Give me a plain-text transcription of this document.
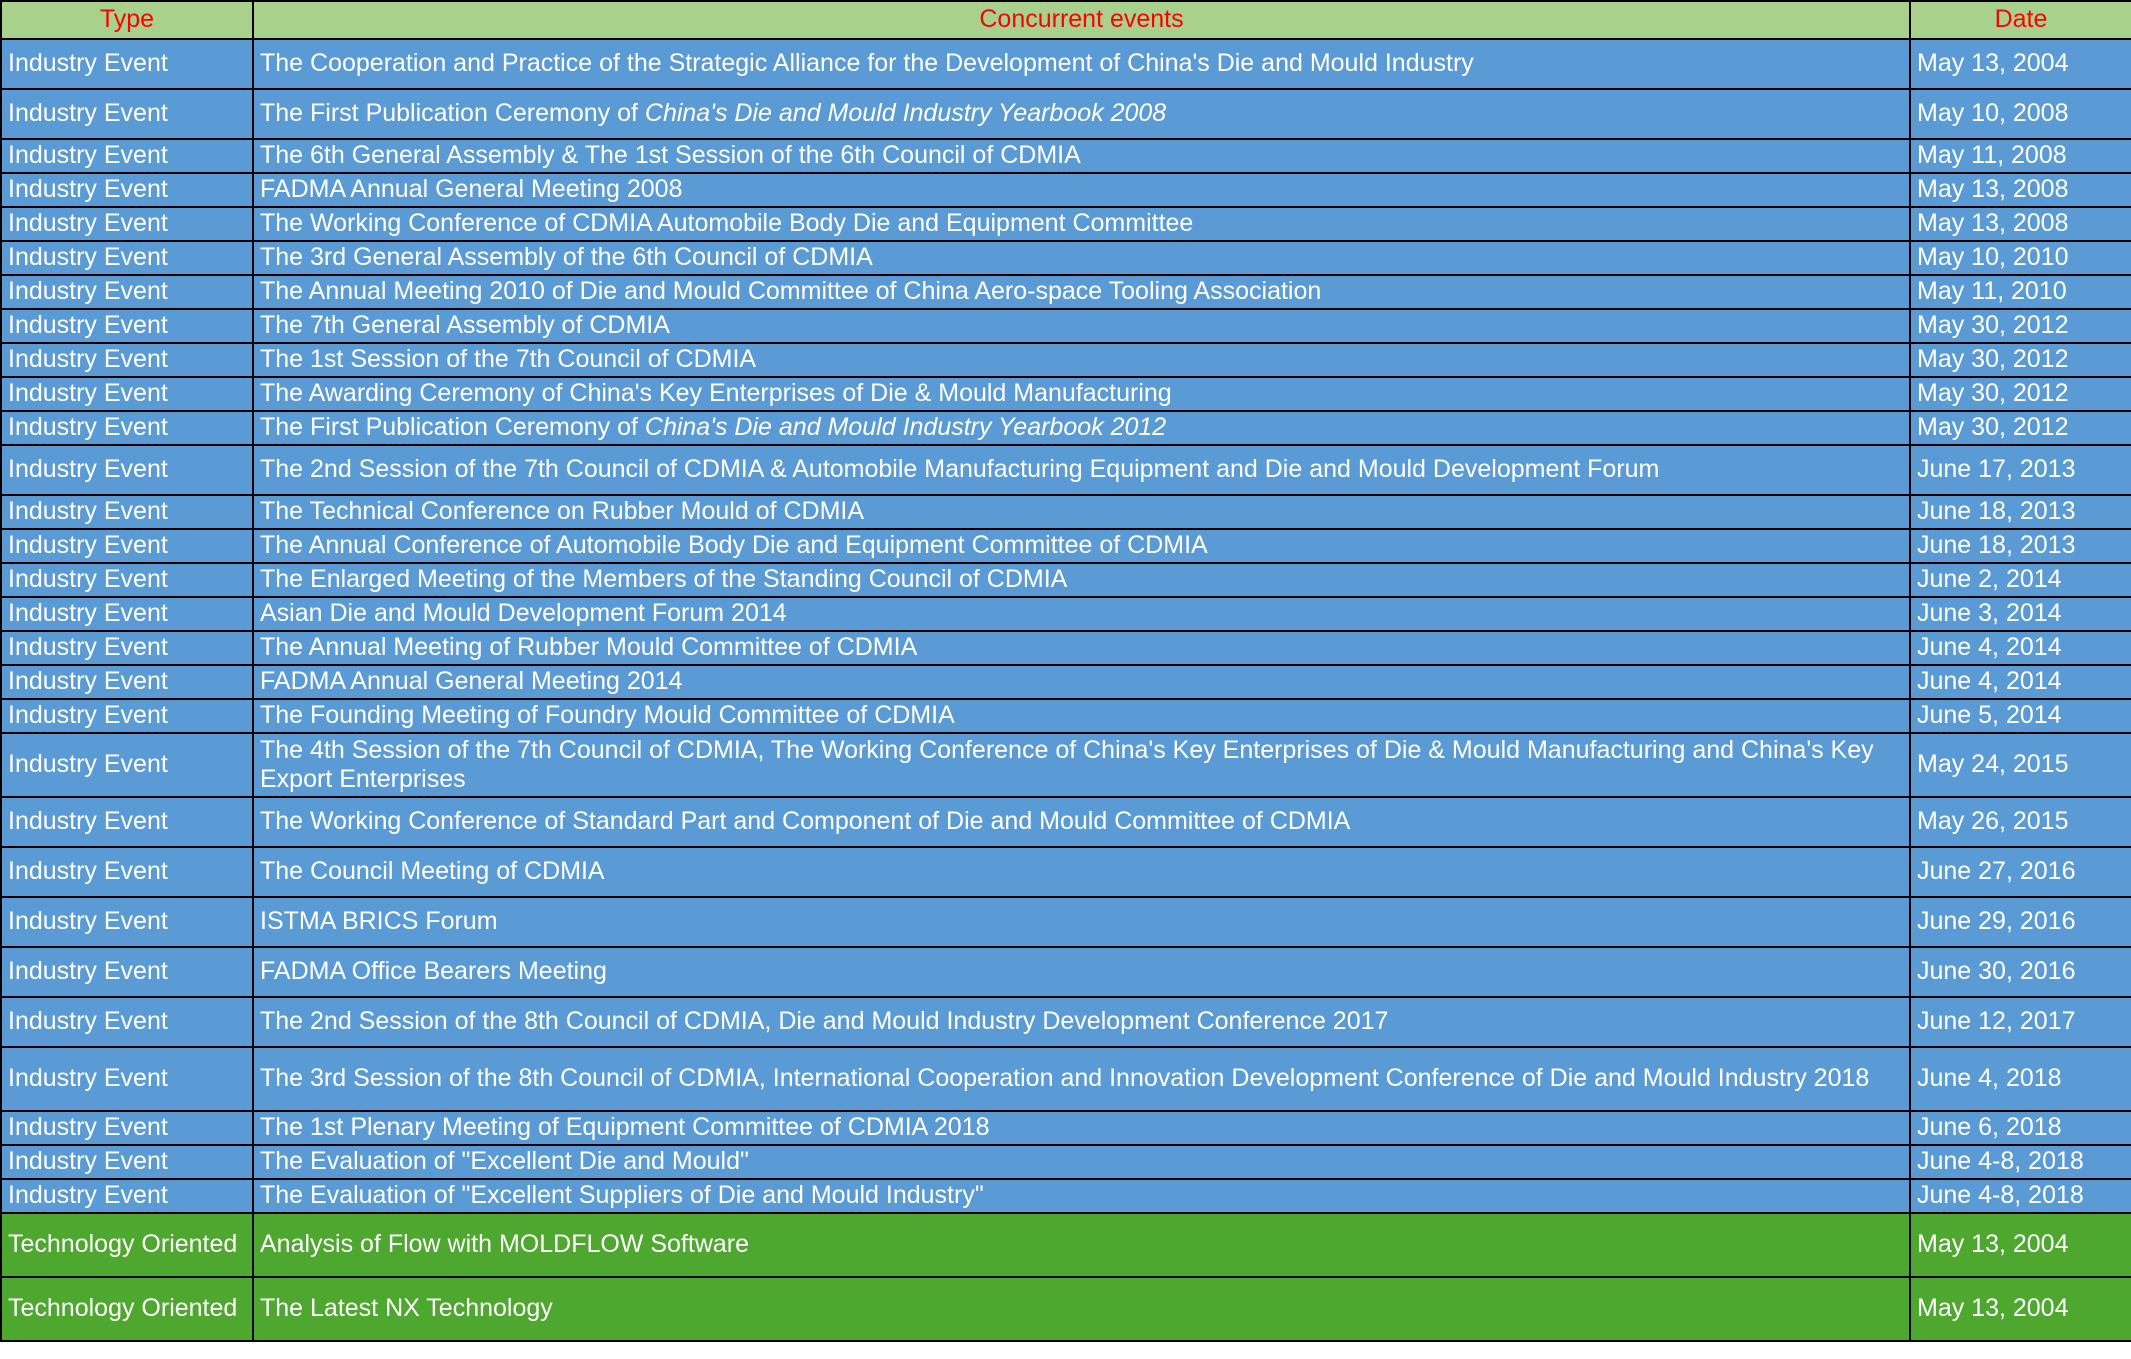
Type	Concurrent events	Date
Industry Event	The Cooperation and Practice of the Strategic Alliance for the Development of China's Die and Mould Industry	May 13, 2004
Industry Event	The First Publication Ceremony of China's Die and Mould Industry Yearbook 2008	May 10, 2008
Industry Event	The 6th General Assembly & The 1st Session of the 6th Council of CDMIA	May 11, 2008
Industry Event	FADMA Annual General Meeting 2008	May 13, 2008
Industry Event	The Working Conference of CDMIA Automobile Body Die and Equipment Committee	May 13, 2008
Industry Event	The 3rd General Assembly of the 6th Council of CDMIA	May 10, 2010
Industry Event	The Annual Meeting 2010 of Die and Mould Committee of China Aero-space Tooling Association	May 11, 2010
Industry Event	The 7th General Assembly of CDMIA	May 30, 2012
Industry Event	The 1st Session of the 7th Council of CDMIA	May 30, 2012
Industry Event	The Awarding Ceremony of China's Key Enterprises of Die & Mould Manufacturing	May 30, 2012
Industry Event	The First Publication Ceremony of China's Die and Mould Industry Yearbook 2012	May 30, 2012
Industry Event	The 2nd Session of the 7th Council of CDMIA & Automobile Manufacturing Equipment and Die and Mould Development Forum	June 17, 2013
Industry Event	The Technical Conference on Rubber Mould of CDMIA	June 18, 2013
Industry Event	The Annual Conference of Automobile Body Die and Equipment Committee of CDMIA	June 18, 2013
Industry Event	The Enlarged Meeting of the Members of the Standing Council of CDMIA	June 2, 2014
Industry Event	Asian Die and Mould Development Forum 2014	June 3, 2014
Industry Event	The Annual Meeting of Rubber Mould Committee of CDMIA	June 4, 2014
Industry Event	FADMA Annual General Meeting 2014	June 4, 2014
Industry Event	The Founding Meeting of Foundry Mould Committee of CDMIA	June 5, 2014
Industry Event	The 4th Session of the 7th Council of CDMIA, The Working Conference of China's Key Enterprises of Die & Mould Manufacturing and China's Key Export Enterprises	May 24, 2015
Industry Event	The Working Conference of Standard Part and Component of Die and Mould Committee of CDMIA	May 26, 2015
Industry Event	The Council Meeting of CDMIA	June 27, 2016
Industry Event	ISTMA BRICS Forum	June 29, 2016
Industry Event	FADMA Office Bearers Meeting	June 30, 2016
Industry Event	The 2nd Session of the 8th Council of CDMIA, Die and Mould Industry Development Conference 2017	June 12, 2017
Industry Event	The 3rd Session of the 8th Council of CDMIA, International Cooperation and Innovation Development Conference of Die and Mould Industry 2018	June 4, 2018
Industry Event	The 1st Plenary Meeting of Equipment Committee of CDMIA 2018	June 6, 2018
Industry Event	The Evaluation of "Excellent Die and Mould"	June 4-8, 2018
Industry Event	The Evaluation of "Excellent Suppliers of Die and Mould Industry"	June 4-8, 2018
Technology Oriented	Analysis of Flow with MOLDFLOW Software	May 13, 2004
Technology Oriented	The Latest NX Technology	May 13, 2004
